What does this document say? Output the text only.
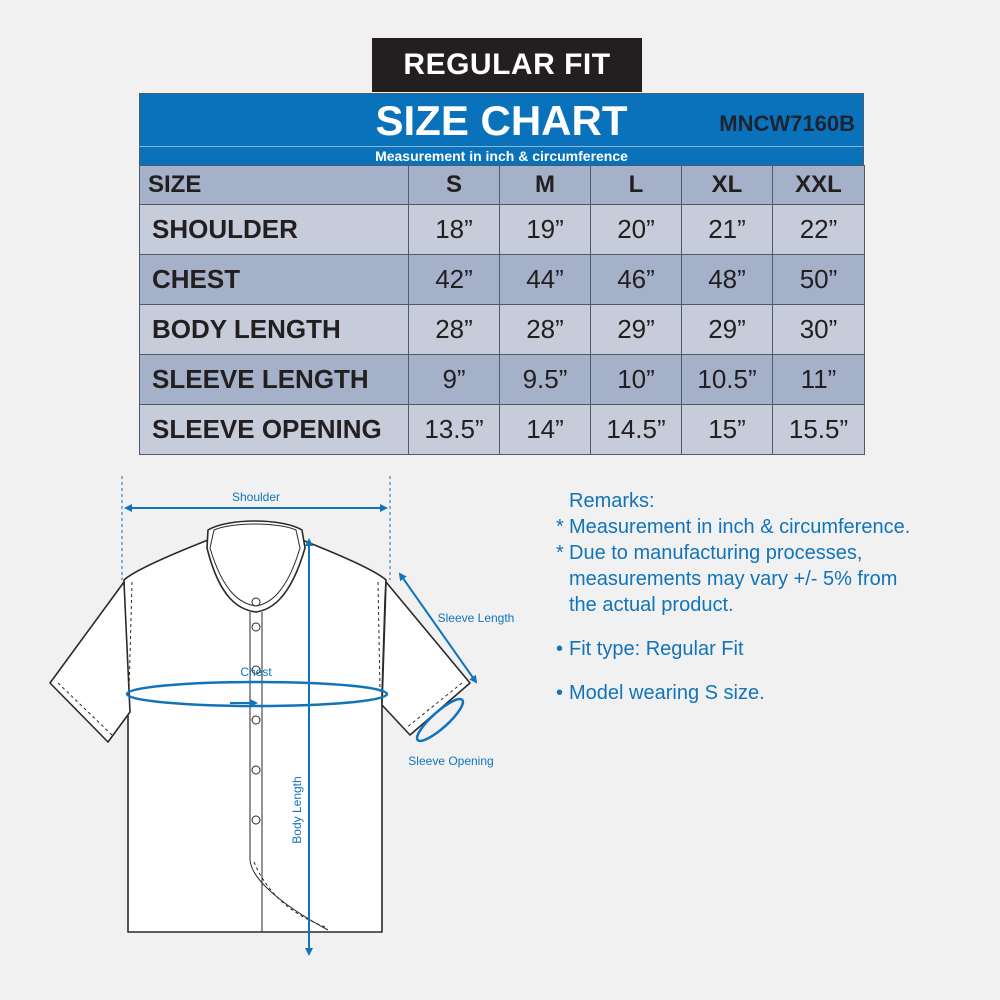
REGULAR FIT
SIZE CHART	MNCW7160B
Measurement in inch & circumference
SIZE	S	M	L	XL	XXL
SHOULDER	18”	19”	20”	21”	22”
CHEST	42”	44”	46”	48”	50”
BODY LENGTH	28”	28”	29”	29”	30”
SLEEVE LENGTH	9”	9.5”	10”	10.5”	11”
SLEEVE OPENING	13.5”	14”	14.5”	15”	15.5”
Shoulder
Sleeve Length
Chest
Sleeve Opening
Body Length
Remarks:
* Measurement in inch & circumference.
* Due to manufacturing processes,
measurements may vary +/- 5% from
the actual product.
• Fit type: Regular Fit
• Model wearing S size.
